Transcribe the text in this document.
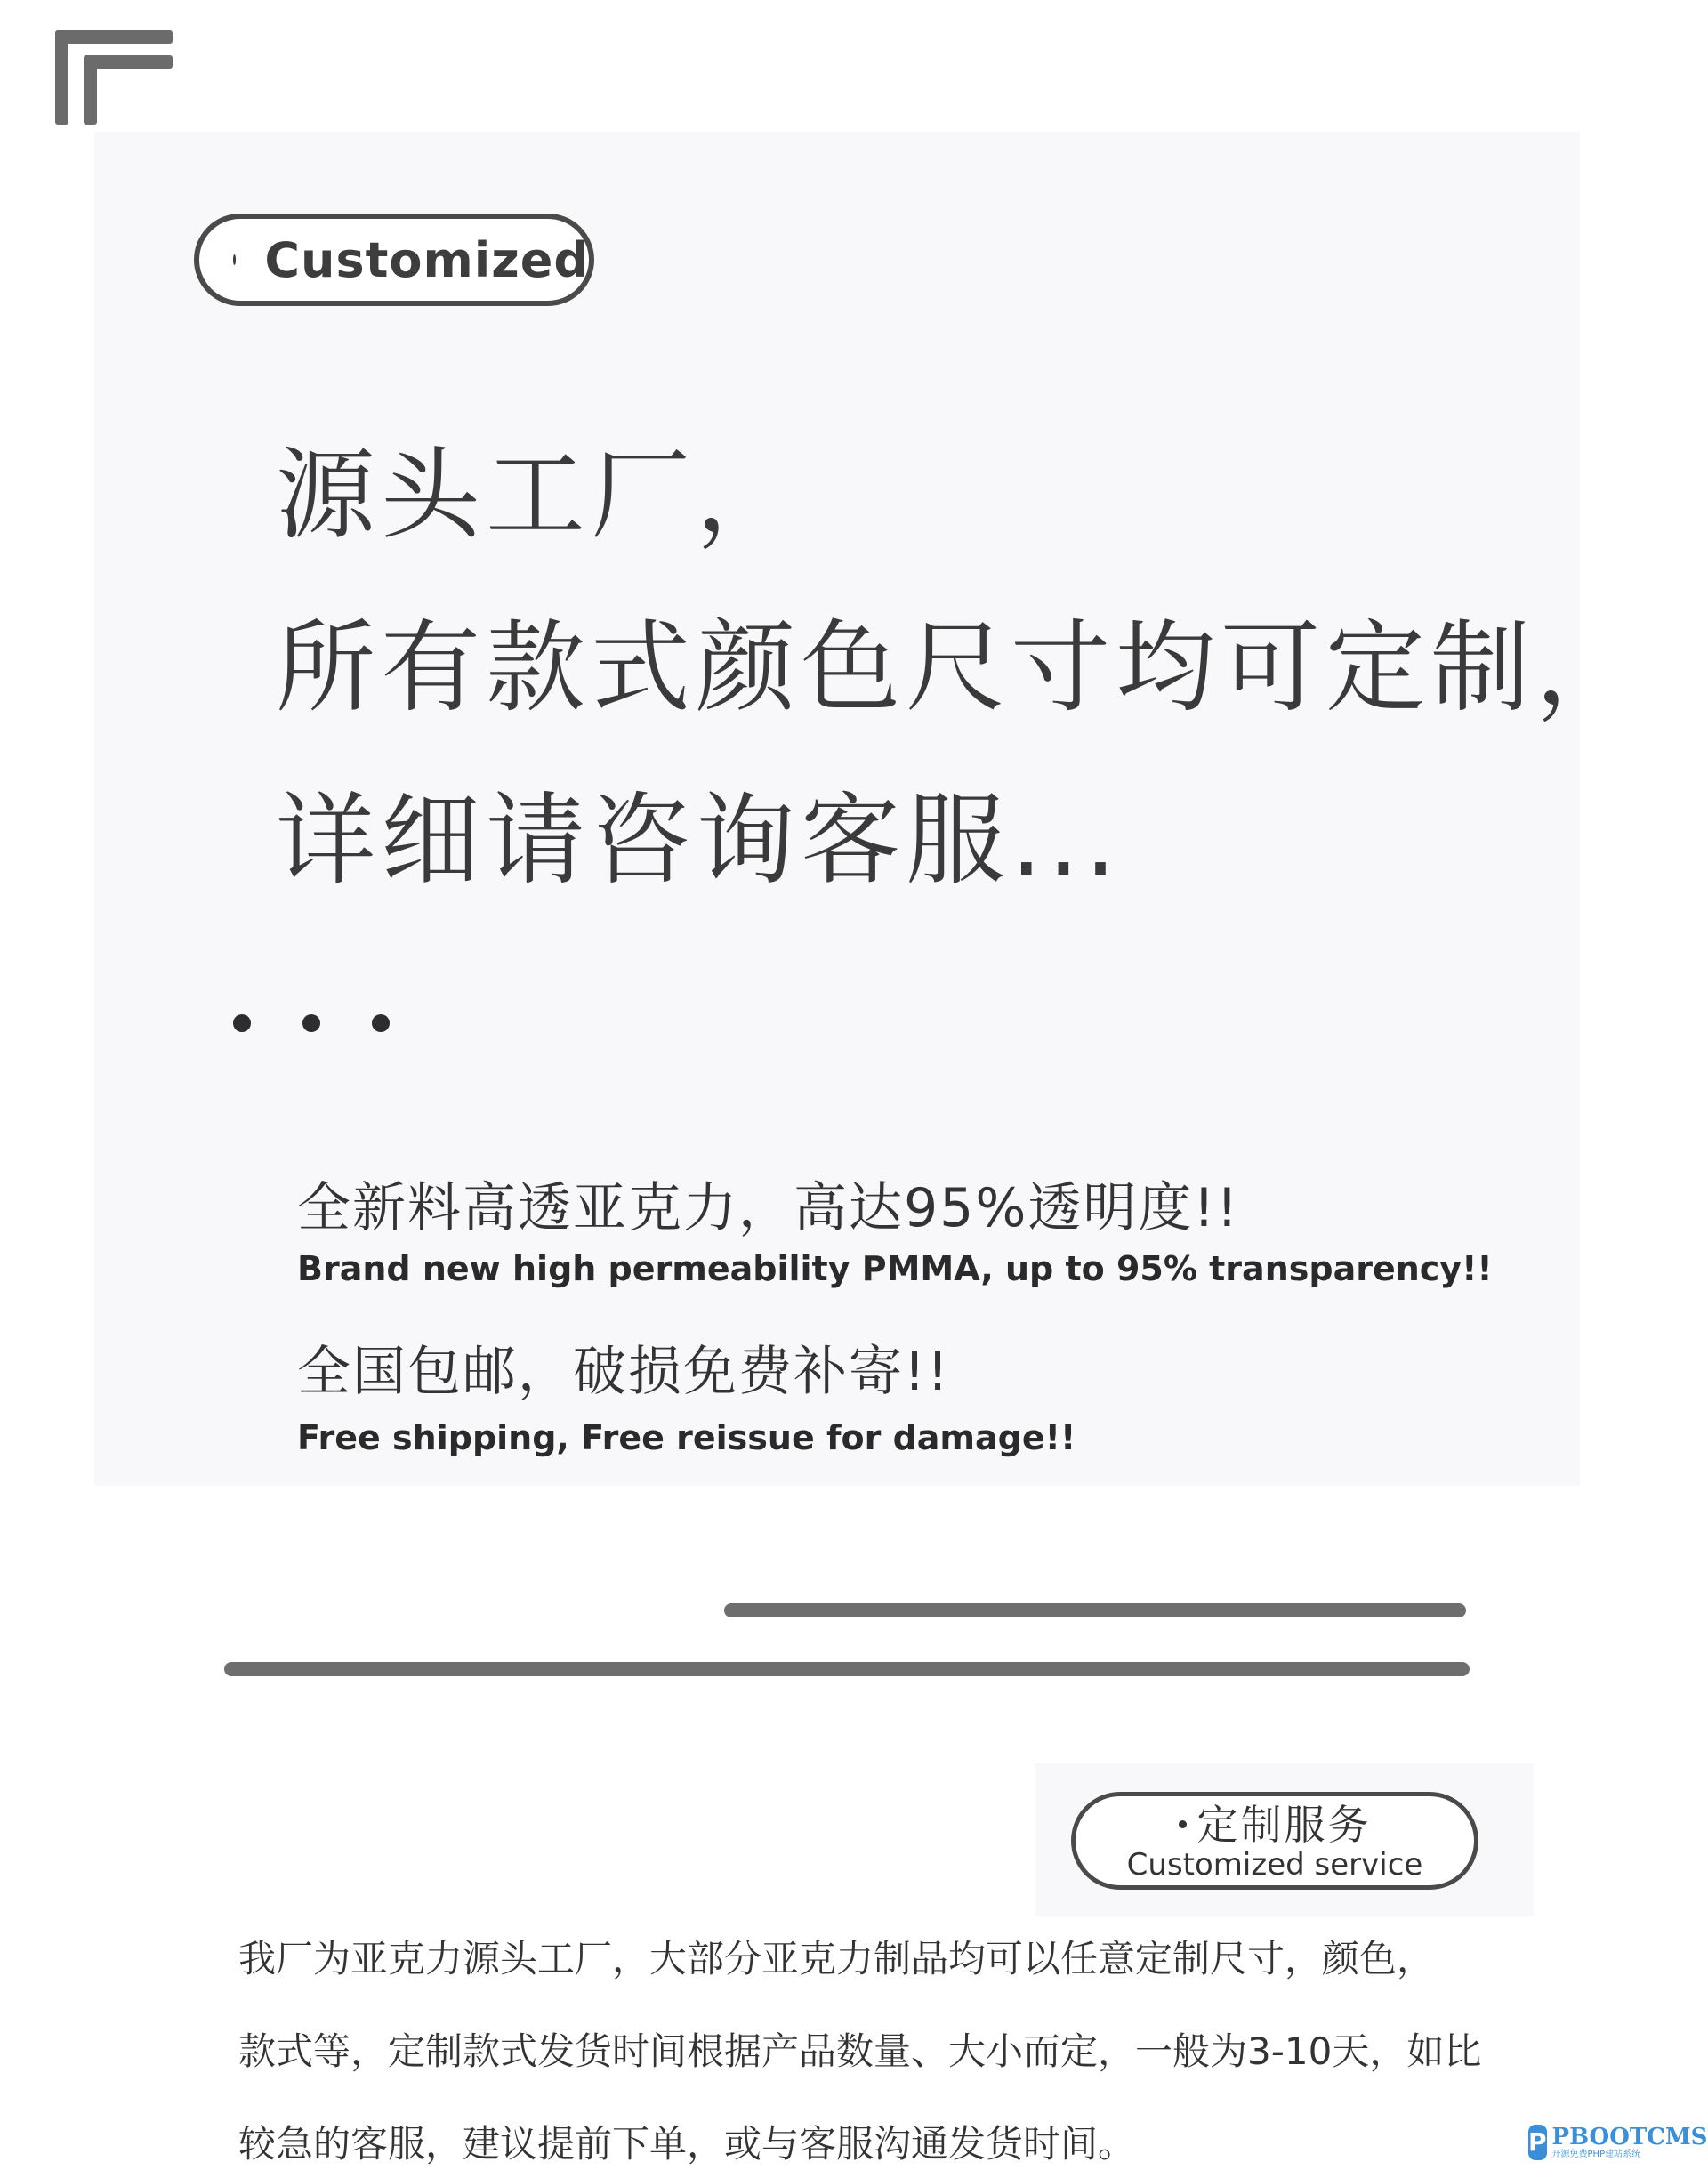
Customized
源头工厂，
所有款式颜色尺寸均可定制，
详细请咨询客服...
全新料高透亚克力，高达95%透明度!!
Brand new high permeability PMMA, up to 95% transparency!!
全国包邮，破损免费补寄!!
Free shipping, Free reissue for damage!!
定制服务
Customized service
我厂为亚克力源头工厂，大部分亚克力制品均可以任意定制尺寸，颜色，
款式等，定制款式发货时间根据产品数量、大小而定，一般为3-10天，如比
较急的客服，建议提前下单，或与客服沟通发货时间。	P PBOOTCMS
开源免费PHP建站系统
